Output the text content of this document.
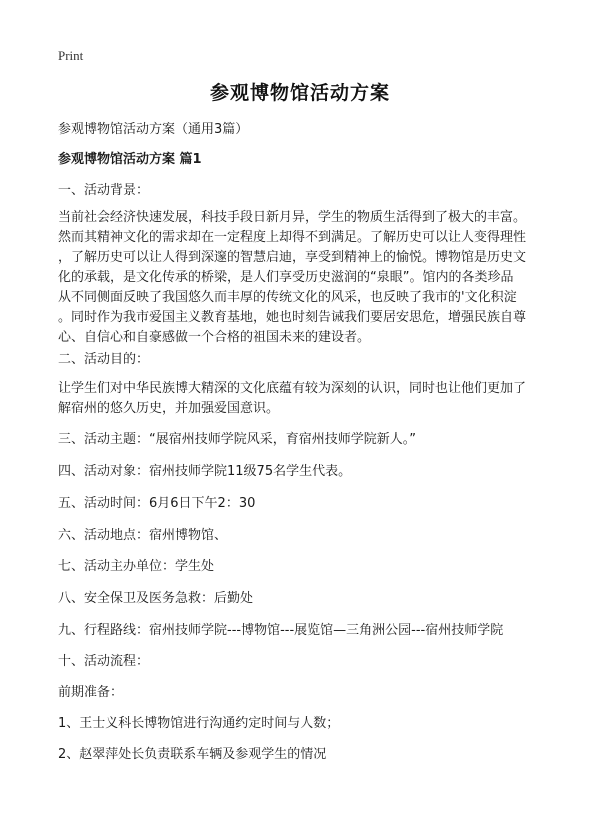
Print
参观博物馆活动方案
参观博物馆活动方案（通用3篇）
参观博物馆活动方案 篇1
一、活动背景：
当前社会经济快速发展，科技手段日新月异，学生的物质生活得到了极大的丰富。
然而其精神文化的需求却在一定程度上却得不到满足。了解历史可以让人变得理性
，了解历史可以让人得到深邃的智慧启迪，享受到精神上的愉悦。博物馆是历史文
化的承载，是文化传承的桥梁，是人们享受历史滋润的“泉眼”。馆内的各类珍品
从不同侧面反映了我国悠久而丰厚的传统文化的风采，也反映了我市的'文化积淀
。同时作为我市爱国主义教育基地，她也时刻告诫我们要居安思危，增强民族自尊
心、自信心和自豪感做一个合格的祖国未来的建设者。
二、活动目的：
让学生们对中华民族博大精深的文化底蕴有较为深刻的认识，同时也让他们更加了
解宿州的悠久历史，并加强爱国意识。
三、活动主题：“展宿州技师学院风采，育宿州技师学院新人。”
四、活动对象：宿州技师学院11级75名学生代表。
五、活动时间：6月6日下午2：30
六、活动地点：宿州博物馆、
七、活动主办单位：学生处
八、安全保卫及医务急救：后勤处
九、行程路线：宿州技师学院---博物馆---展览馆—三角洲公园---宿州技师学院
十、活动流程：
前期准备：
1、王士义科长博物馆进行沟通约定时间与人数；
2、赵翠萍处长负责联系车辆及参观学生的情况
